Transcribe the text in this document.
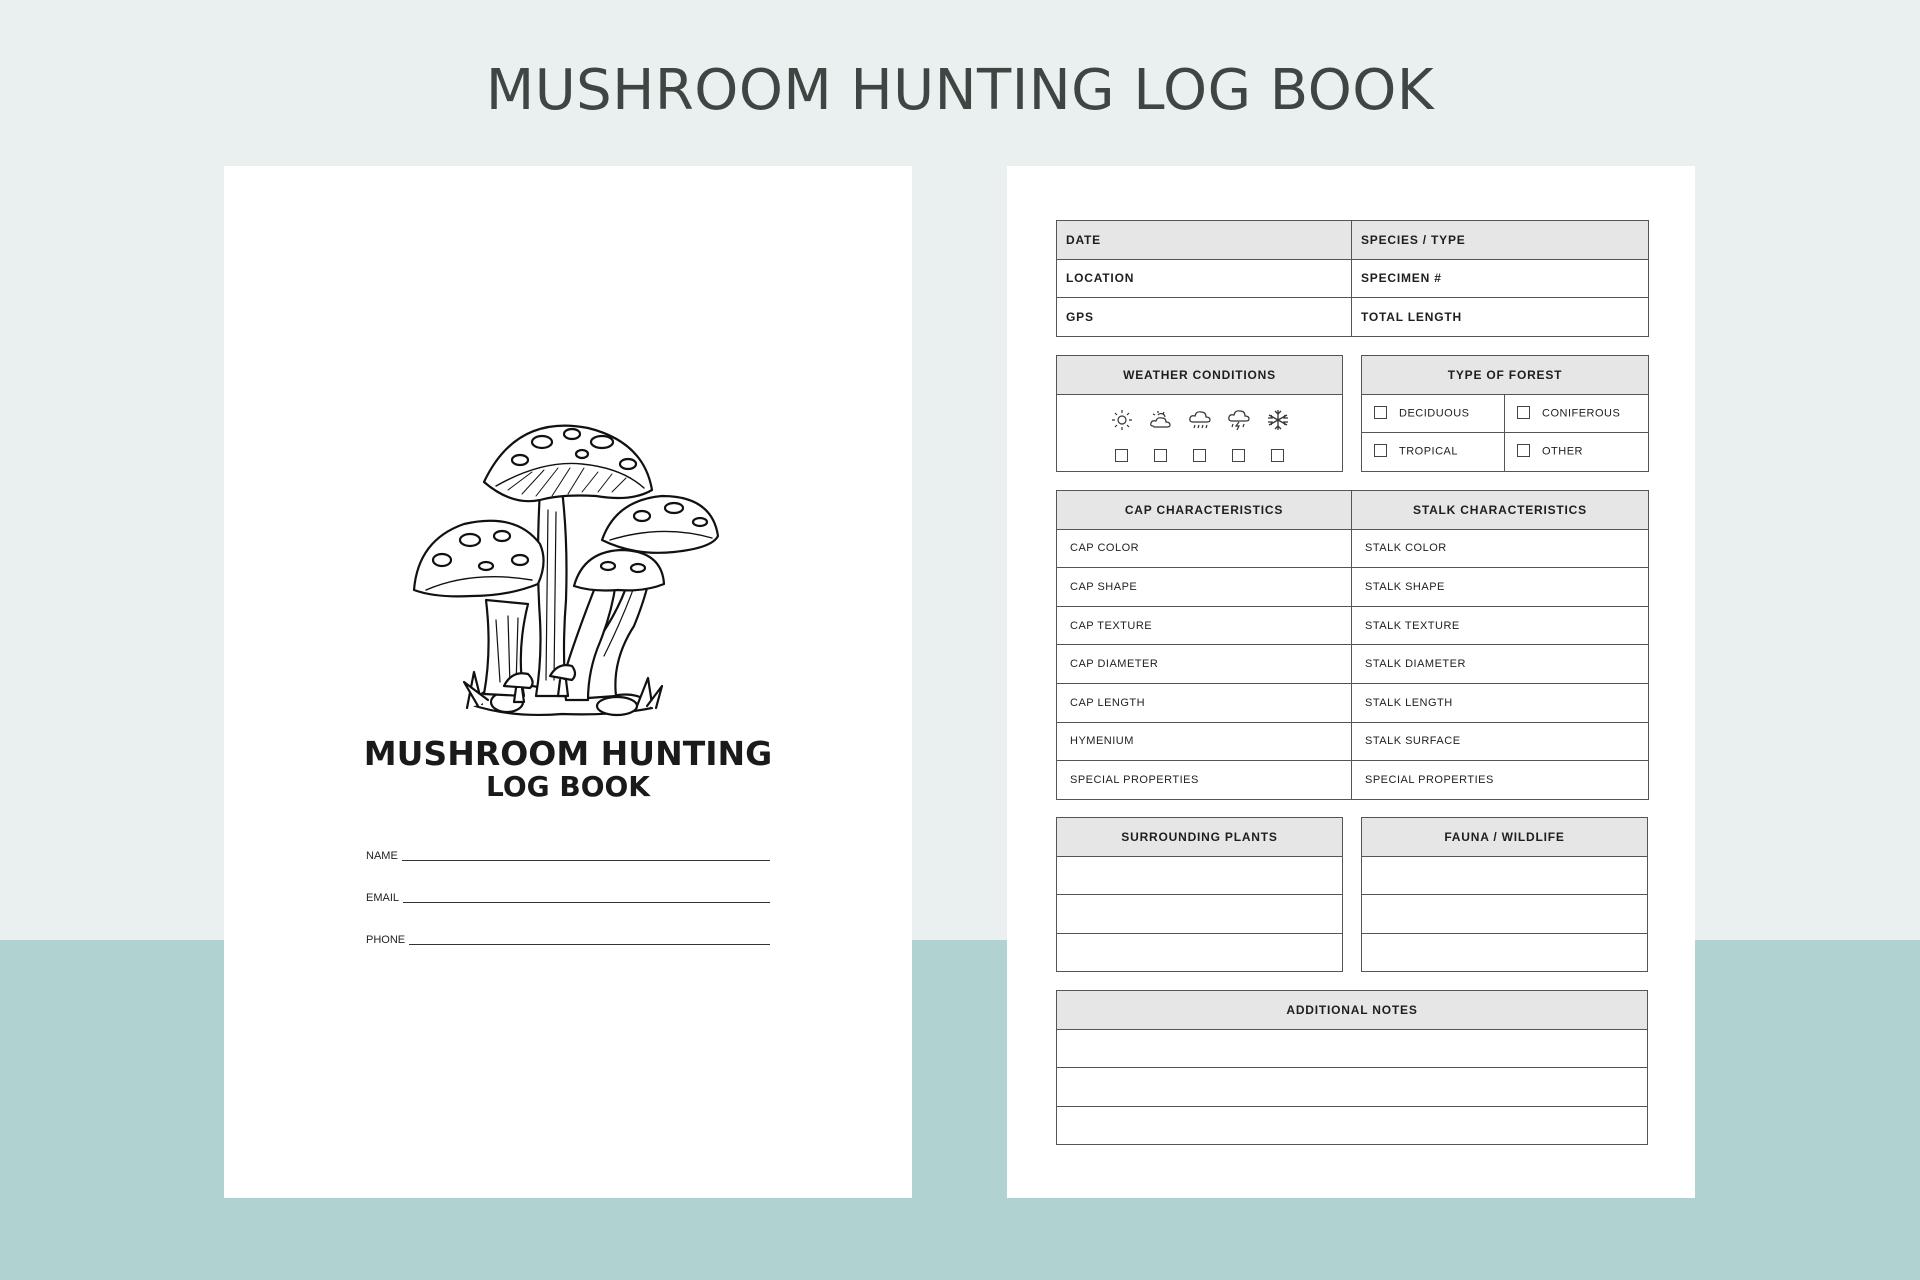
MUSHROOM HUNTING LOG BOOK
MUSHROOM HUNTING
LOG BOOK
NAME
EMAIL
PHONE
DATE	SPECIES / TYPE
LOCATION	SPECIMEN #
GPS	TOTAL LENGTH
WEATHER CONDITIONS	TYPE OF FOREST	
DECIDUOUS	CONIFEROUS
TROPICAL	OTHER
CAP CHARACTERISTICS	STALK CHARACTERISTICS
CAP COLOR	STALK COLOR
CAP SHAPE	STALK SHAPE
CAP TEXTURE	STALK TEXTURE
CAP DIAMETER	STALK DIAMETER
CAP LENGTH	STALK LENGTH
HYMENIUM	STALK SURFACE
SPECIAL PROPERTIES	SPECIAL PROPERTIES
SURROUNDING PLANTS	FAUNA / WILDLIFE

ADDITIONAL NOTES
